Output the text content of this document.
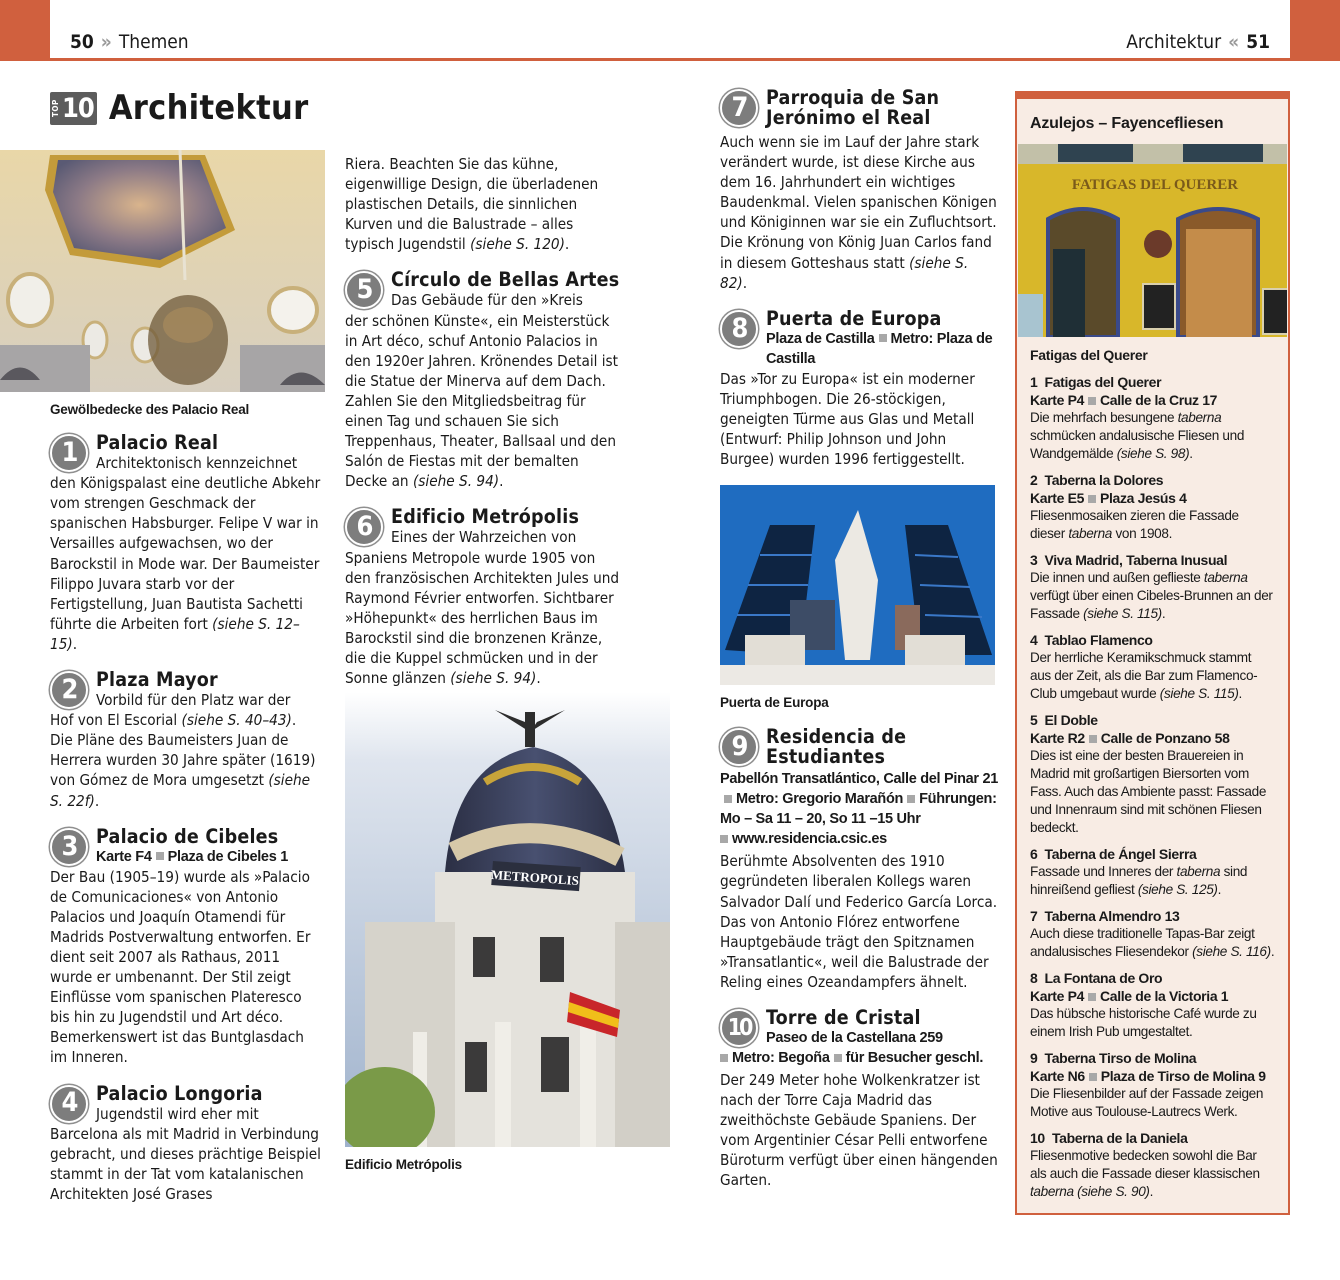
50 » Themen	Architektur « 51
TOP 10 Architektur
Gewölbedecke des Palacio Real
1	Palacio Real
Architektonisch kennzeichnet
den Königspalast eine deutliche Abkehr vom strengen Geschmack der spanischen Habsburger. Felipe V war in Versailles aufgewachsen, wo der Barockstil in Mode war. Der Baumeister Filippo Juvara starb vor der Fertigstellung, Juan Bautista Sachetti führte die Arbeiten fort (siehe S. 12–15).
2	Plaza Mayor
Vorbild für den Platz war der
Hof von El Escorial (siehe S. 40–43). Die Pläne des Baumeisters Juan de Herrera wurden 30 Jahre später (1619) von Gómez de Mora umgesetzt (siehe S. 22f).
3	Palacio de Cibeles
Karte F4 Plaza de Cibeles 1
Der Bau (1905–19) wurde als »Palacio de Comunicaciones« von Antonio Palacios und Joaquín Otamendi für Madrids Postverwaltung entworfen. Er dient seit 2007 als Rathaus, 2011 wurde er umbenannt. Der Stil zeigt Einflüsse vom spanischen Plateresco bis hin zu Jugendstil und Art déco. Bemerkenswert ist das Buntglasdach im Inneren.
4	Palacio Longoria
Jugendstil wird eher mit
Barcelona als mit Madrid in Verbindung gebracht, und dieses prächtige Beispiel stammt in der Tat vom katalanischen Architekten José Grases
Riera. Beachten Sie das kühne, eigenwillige Design, die überladenen plastischen Details, die sinnlichen Kurven und die Balustrade – alles typisch Jugendstil (siehe S. 120).
5	Círculo de Bellas Artes
Das Gebäude für den »Kreis
der schönen Künste«, ein Meisterstück in Art déco, schuf Antonio Palacios in den 1920er Jahren. Krönendes Detail ist die Statue der Minerva auf dem Dach. Zahlen Sie den Mitgliedsbeitrag für einen Tag und schauen Sie sich Treppenhaus, Theater, Ballsaal und den Salón de Fiestas mit der bemalten Decke an (siehe S. 94).
6	Edificio Metrópolis
Eines der Wahrzeichen von
Spaniens Metropole wurde 1905 von den französischen Architekten Jules und Raymond Février entworfen. Sichtbarer »Höhepunkt« des herrlichen Baus im Barockstil sind die bronzenen Kränze, die die Kuppel schmücken und in der Sonne glänzen (siehe S. 94).
METROPOLIS
Edificio Metrópolis
7	Parroquia de San Jerónimo el Real
Auch wenn sie im Lauf der Jahre stark verändert wurde, ist diese Kirche aus dem 16. Jahrhundert ein wichtiges Baudenkmal. Vielen spanischen Königen und Königinnen war sie ein Zufluchtsort. Die Krönung von König Juan Carlos fand in diesem Gotteshaus statt (siehe S. 82).
8	Puerta de Europa
Plaza de Castilla Metro: Plaza de Castilla
Das »Tor zu Europa« ist ein moderner Triumphbogen. Die 26-stöckigen, geneigten Türme aus Glas und Metall (Entwurf: Philip Johnson und John Burgee) wurden 1996 fertiggestellt.
Puerta de Europa
9	Residencia de Estudiantes
Pabellón Transatlántico, Calle del Pinar 21Metro: Gregorio Marañón Führungen: Mo – Sa 11 – 20, So 11 –15 Uhr
www.residencia.csic.es
Berühmte Absolventen des 1910 gegründeten liberalen Kollegs waren Salvador Dalí und Federico García Lorca. Das von Antonio Flórez entworfene Hauptgebäude trägt den Spitznamen »Transatlantic«, weil die Balustrade der Reling eines Ozeandampfers ähnelt.
10 Torre de Cristal
Paseo de la Castellana 259
Metro: Begoña für Besucher geschl.
Der 249 Meter hohe Wolkenkratzer ist nach der Torre Caja Madrid das zweithöchste Gebäude Spaniens. Der vom Argentinier César Pelli entworfene Büroturm verfügt über einen hängenden Garten.
Azulejos – Fayencefliesen
FATIGAS DEL QUERER
Fatigas del Querer
1 Fatigas del Querer
Karte P4 Calle de la Cruz 17
Die mehrfach besungene taberna schmücken andalusische Fliesen und Wandgemälde (siehe S. 98).
2 Taberna la Dolores
Karte E5 Plaza Jesús 4
Fliesenmosaiken zieren die Fassade dieser taberna von 1908.
3 Viva Madrid, Taberna Inusual
Die innen und außen geflieste taberna verfügt über einen Cibeles-Brunnen an der Fassade (siehe S. 115).
4 Tablao Flamenco
Der herrliche Keramikschmuck stammt aus der Zeit, als die Bar zum Flamenco-Club umgebaut wurde (siehe S. 115).
5 El Doble
Karte R2 Calle de Ponzano 58
Dies ist eine der besten Brauereien in Madrid mit großartigen Biersorten vom Fass. Auch das Ambiente passt: Fassade und Innenraum sind mit schönen Fliesen bedeckt.
6 Taberna de Ángel Sierra
Fassade und Inneres der taberna sind hinreißend gefliest (siehe S. 125).
7 Taberna Almendro 13
Auch diese traditionelle Tapas-Bar zeigt andalusisches Fliesendekor (siehe S. 116).
8 La Fontana de Oro
Karte P4 Calle de la Victoria 1
Das hübsche historische Café wurde zu einem Irish Pub umgestaltet.
9 Taberna Tirso de Molina
Karte N6 Plaza de Tirso de Molina 9
Die Fliesenbilder auf der Fassade zeigen Motive aus Toulouse-Lautrecs Werk.
10 Taberna de la Daniela
Fliesenmotive bedecken sowohl die Bar als auch die Fassade dieser klassischen taberna (siehe S. 90).
